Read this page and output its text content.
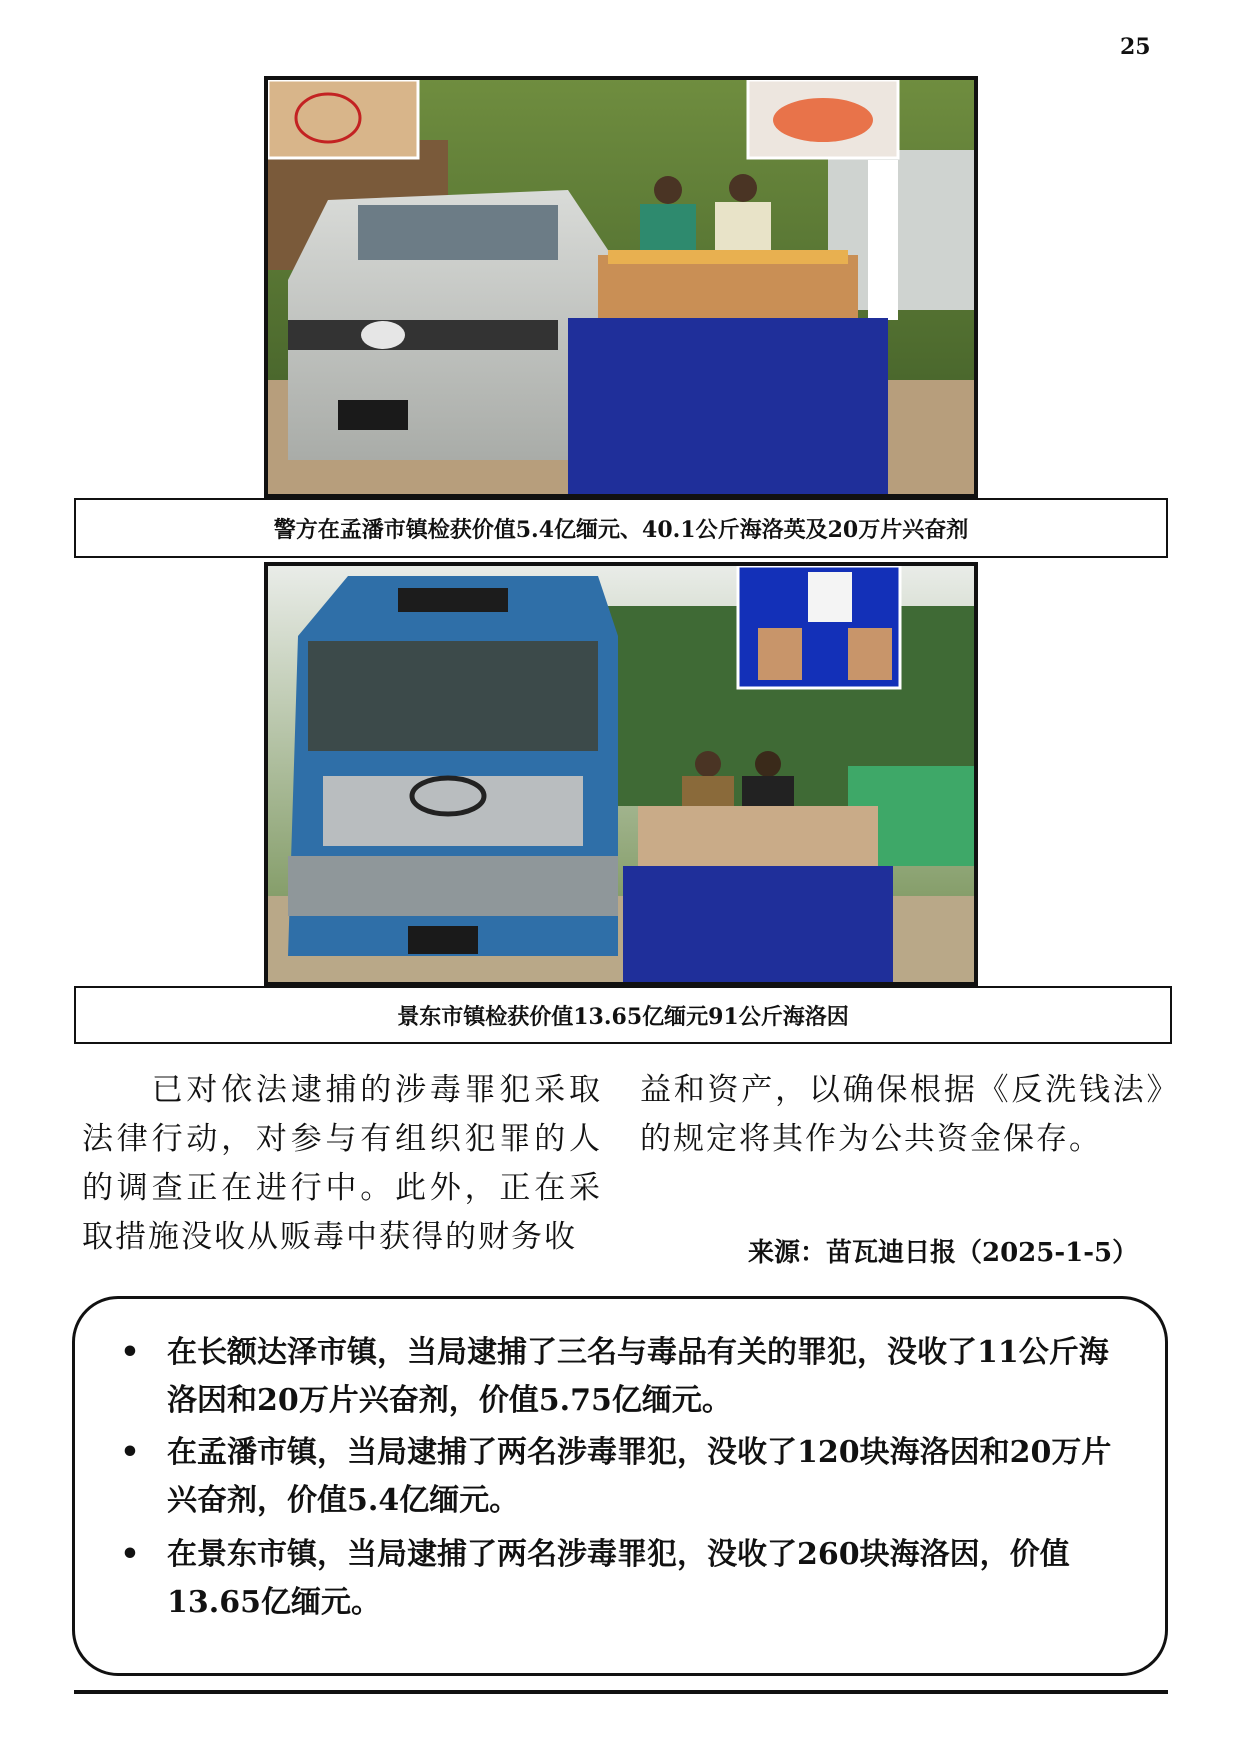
25
警方在孟潘市镇检获价值5.4亿缅元、40.1公斤海洛英及20万片兴奋剂
景东市镇检获价值13.65亿缅元91公斤海洛因

　　已对依法逮捕的涉毒罪犯采取法律行动，对参与有组织犯罪的人的调查正在进行中。此外，正在采取措施没收从贩毒中获得的财务收

益和资产，以确保根据《反洗钱法》的规定将其作为公共资金保存。

来源：苗瓦迪日报（2025-1-5）
• 在长额达泽市镇，当局逮捕了三名与毒品有关的罪犯，没收了11公斤海洛因和20万片兴奋剂，价值5.75亿缅元。
• 在孟潘市镇，当局逮捕了两名涉毒罪犯，没收了120块海洛因和20万片兴奋剂，价值5.4亿缅元。
• 在景东市镇，当局逮捕了两名涉毒罪犯，没收了260块海洛因，价值13.65亿缅元。
